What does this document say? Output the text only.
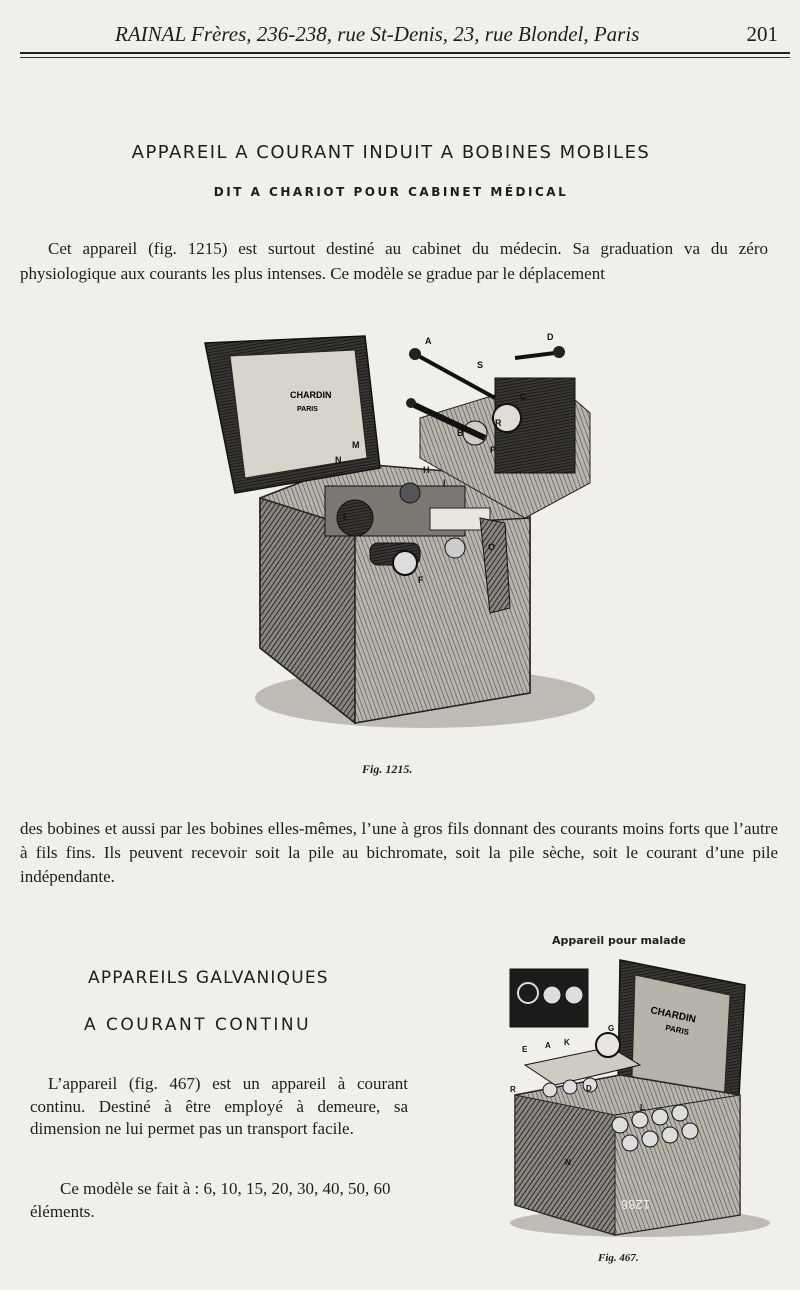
RAINAL Frères, 236-238, rue St-Denis, 23, rue Blondel, Paris	201
APPAREIL A COURANT INDUIT A BOBINES MOBILES
DIT A CHARIOT POUR CABINET MÉDICAL
Cet appareil (fig. 1215) est surtout destiné au cabinet du médecin. Sa graduation va du zéro physiologique aux courants les plus intenses. Ce modèle se gradue par le déplacement
CHARDIN
PARIS
A	D
S
C
R
B
P
M
N
H
I
E
F
O
Fig. 1215.
des bobines et aussi par les bobines elles-mêmes, l’une à gros fils donnant des courants moins forts que l’autre à fils fins. Ils peuvent recevoir soit la pile au bichromate, soit la pile sèche, soit le courant d’une pile indépendante.
APPAREILS GALVANIQUES
A COURANT CONTINU
L’appareil (fig. 467) est un appareil à courant continu. Destiné à être employé à demeure, sa dimension ne lui permet pas un transport facile.
Ce modèle se fait à : 6, 10, 15, 20, 30, 40, 50, 60 éléments.
Appareil pour malade
CHARDIN
PARIS
1286
E A K
G
R	D
L
N
Fig. 467.
